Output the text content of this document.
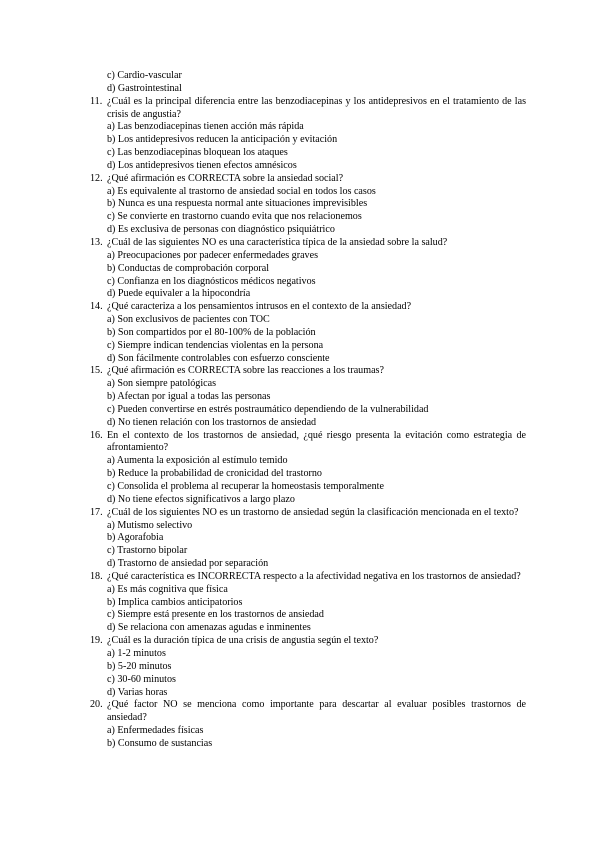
c) Cardio-vascular
d) Gastrointestinal
11. ¿Cuál es la principal diferencia entre las benzodiacepinas y los antidepresivos en el tratamiento de las crisis de angustia?
a) Las benzodiacepinas tienen acción más rápida
b) Los antidepresivos reducen la anticipación y evitación
c) Las benzodiacepinas bloquean los ataques
d) Los antidepresivos tienen efectos amnésicos
12. ¿Qué afirmación es CORRECTA sobre la ansiedad social?
a) Es equivalente al trastorno de ansiedad social en todos los casos
b) Nunca es una respuesta normal ante situaciones imprevisibles
c) Se convierte en trastorno cuando evita que nos relacionemos
d) Es exclusiva de personas con diagnóstico psiquiátrico
13. ¿Cuál de las siguientes NO es una característica típica de la ansiedad sobre la salud?
a) Preocupaciones por padecer enfermedades graves
b) Conductas de comprobación corporal
c) Confianza en los diagnósticos médicos negativos
d) Puede equivaler a la hipocondría
14. ¿Qué caracteriza a los pensamientos intrusos en el contexto de la ansiedad?
a) Son exclusivos de pacientes con TOC
b) Son compartidos por el 80-100% de la población
c) Siempre indican tendencias violentas en la persona
d) Son fácilmente controlables con esfuerzo consciente
15. ¿Qué afirmación es CORRECTA sobre las reacciones a los traumas?
a) Son siempre patológicas
b) Afectan por igual a todas las personas
c) Pueden convertirse en estrés postraumático dependiendo de la vulnerabilidad
d) No tienen relación con los trastornos de ansiedad
16. En el contexto de los trastornos de ansiedad, ¿qué riesgo presenta la evitación como estrategia de afrontamiento?
a) Aumenta la exposición al estímulo temido
b) Reduce la probabilidad de cronicidad del trastorno
c) Consolida el problema al recuperar la homeostasis temporalmente
d) No tiene efectos significativos a largo plazo
17. ¿Cuál de los siguientes NO es un trastorno de ansiedad según la clasificación mencionada en el texto?
a) Mutismo selectivo
b) Agorafobia
c) Trastorno bipolar
d) Trastorno de ansiedad por separación
18. ¿Qué característica es INCORRECTA respecto a la afectividad negativa en los trastornos de ansiedad?
a) Es más cognitiva que física
b) Implica cambios anticipatorios
c) Siempre está presente en los trastornos de ansiedad
d) Se relaciona con amenazas agudas e inminentes
19. ¿Cuál es la duración típica de una crisis de angustia según el texto?
a) 1-2 minutos
b) 5-20 minutos
c) 30-60 minutos
d) Varias horas
20. ¿Qué factor NO se menciona como importante para descartar al evaluar posibles trastornos de ansiedad?
a) Enfermedades físicas
b) Consumo de sustancias
